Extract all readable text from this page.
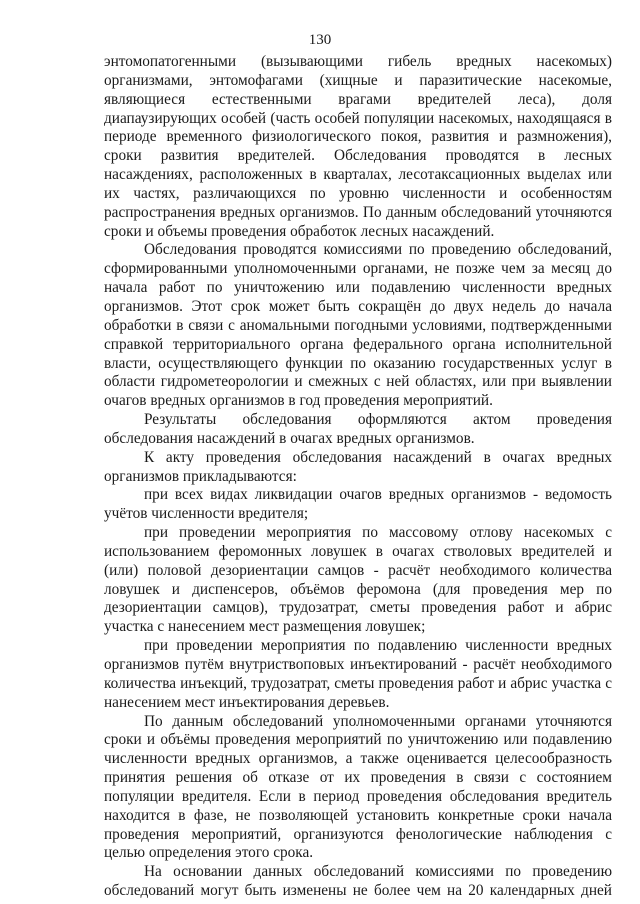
130

энтомопатогенными (вызывающими гибель вредных насекомых) организмами, энтомофагами (хищные и паразитические насекомые, являющиеся естественными врагами вредителей леса), доля диапаузирующих особей (часть особей популяции насекомых, находящаяся в периоде временного физиологического покоя, развития и размножения), сроки развития вредителей. Обследования проводятся в лесных насаждениях, расположенных в кварталах, лесотаксационных выделах или их частях, различающихся по уровню численности и особенностям распространения вредных организмов. По данным обследований уточняются сроки и объемы проведения обработок лесных насаждений.

Обследования проводятся комиссиями по проведению обследований, сформированными уполномоченными органами, не позже чем за месяц до начала работ по уничтожению или подавлению численности вредных организмов. Этот срок может быть сокращён до двух недель до начала обработки в связи с аномальными погодными условиями, подтвержденными справкой территориального органа федерального органа исполнительной власти, осуществляющего функции по оказанию государственных услуг в области гидрометеорологии и смежных с ней областях, или при выявлении очагов вредных организмов в год проведения мероприятий.

Результаты обследования оформляются актом проведения обследования насаждений в очагах вредных организмов.

К акту проведения обследования насаждений в очагах вредных организмов прикладываются:

при всех видах ликвидации очагов вредных организмов - ведомость учётов численности вредителя;

при проведении мероприятия по массовому отлову насекомых с использованием феромонных ловушек в очагах стволовых вредителей и (или) половой дезориентации самцов - расчёт необходимого количества ловушек и диспенсеров, объёмов феромона (для проведения мер по дезориентации самцов), трудозатрат, сметы проведения работ и абрис участка с нанесением мест размещения ловушек;

при проведении мероприятия по подавлению численности вредных организмов путём внутриствоповых инъектирований - расчёт необходимого количества инъекций, трудозатрат, сметы проведения работ и абрис участка с нанесением мест инъектирования деревьев.

По данным обследований уполномоченными органами уточняются сроки и объёмы проведения мероприятий по уничтожению или подавлению численности вредных организмов, а также оценивается целесообразность принятия решения об отказе от их проведения в связи с состоянием популяции вредителя. Если в период проведения обследования вредитель находится в фазе, не позволяющей установить конкретные сроки начала проведения мероприятий, организуются фенологические наблюдения с целью определения этого срока.

На основании данных обследований комиссиями по проведению обследований могут быть изменены не более чем на 20 календарных дней
